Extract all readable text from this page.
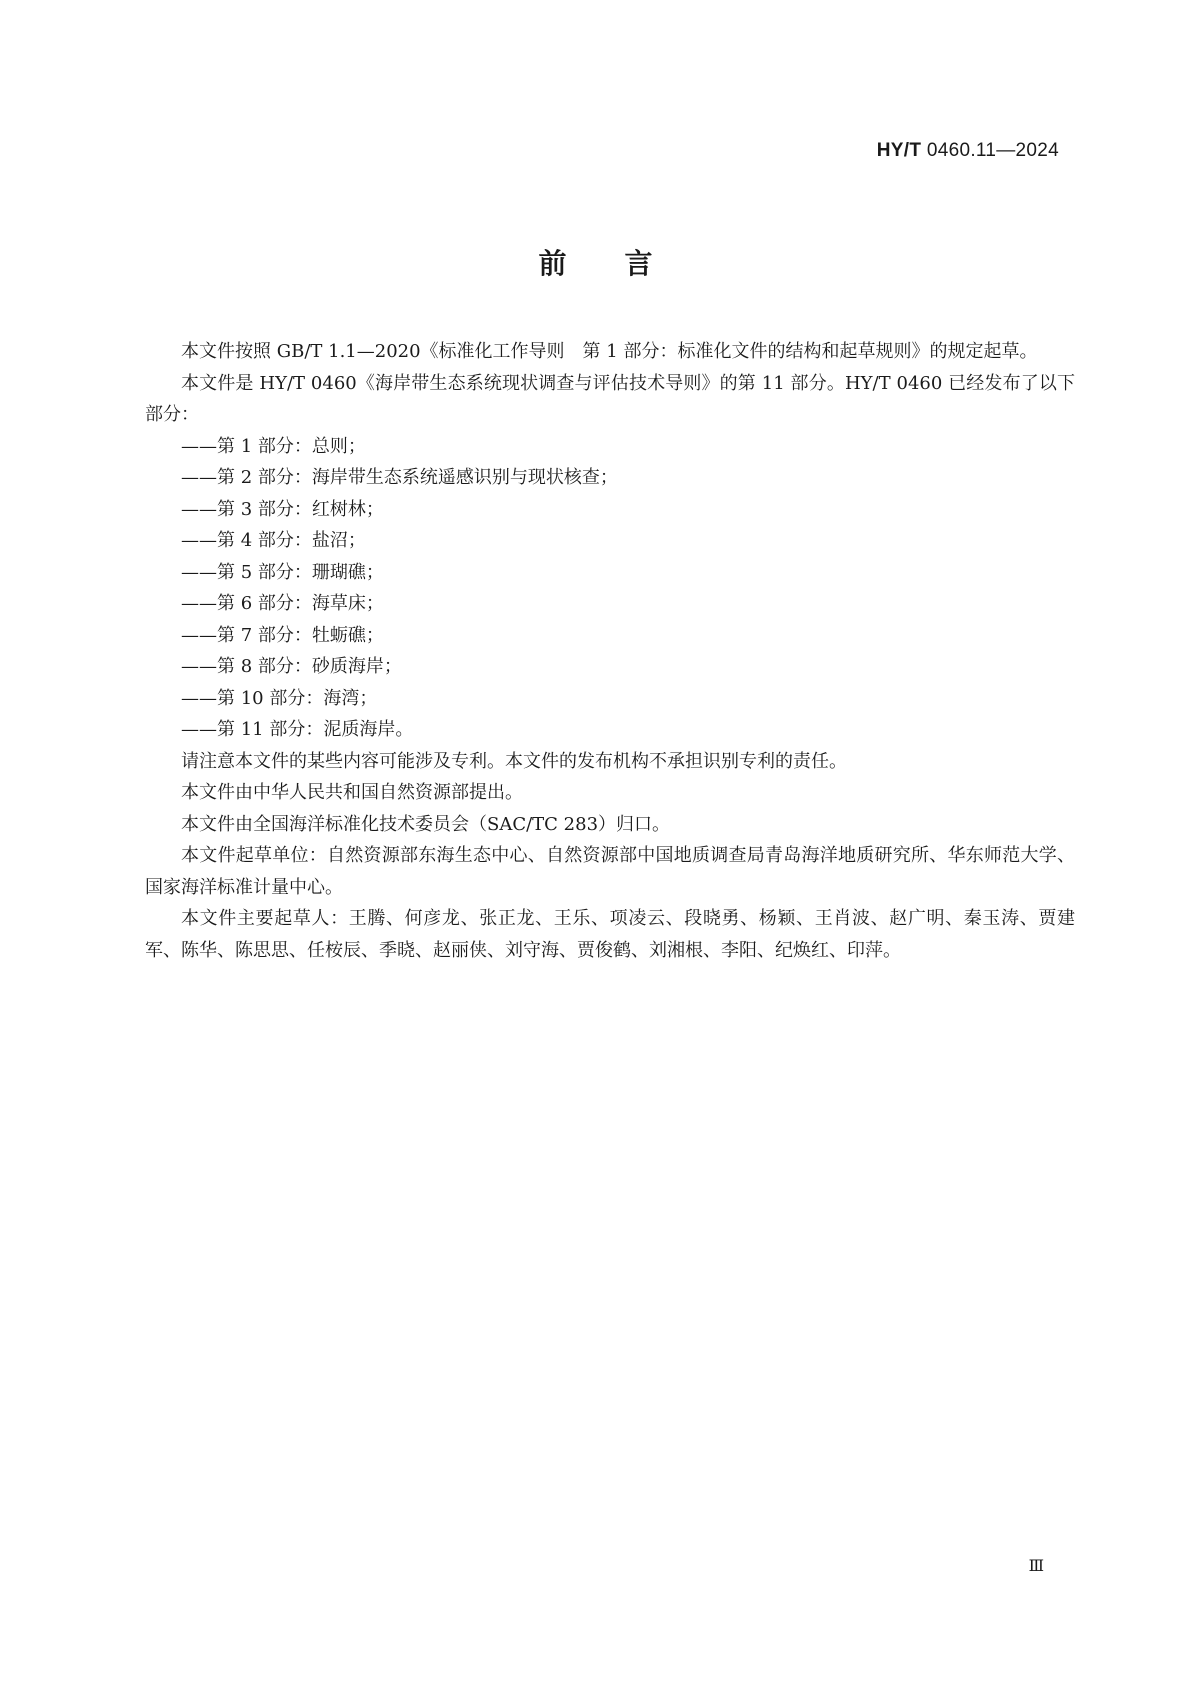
HY/T 0460.11—2024
前言

本文件按照 GB/T 1.1—2020《标准化工作导则　第 1 部分：标准化文件的结构和起草规则》的规定起草。

本文件是 HY/T 0460《海岸带生态系统现状调查与评估技术导则》的第 11 部分。HY/T 0460 已经发布了以下部分：

——第 1 部分：总则；

——第 2 部分：海岸带生态系统遥感识别与现状核查；

——第 3 部分：红树林；

——第 4 部分：盐沼；

——第 5 部分：珊瑚礁；

——第 6 部分：海草床；

——第 7 部分：牡蛎礁；

——第 8 部分：砂质海岸；

——第 10 部分：海湾；

——第 11 部分：泥质海岸。

请注意本文件的某些内容可能涉及专利。本文件的发布机构不承担识别专利的责任。

本文件由中华人民共和国自然资源部提出。

本文件由全国海洋标准化技术委员会（SAC/TC 283）归口。

本文件起草单位：自然资源部东海生态中心、自然资源部中国地质调查局青岛海洋地质研究所、华东师范大学、国家海洋标准计量中心。

本文件主要起草人：王腾、何彦龙、张正龙、王乐、项凌云、段晓勇、杨颖、王肖波、赵广明、秦玉涛、贾建军、陈华、陈思思、任桉辰、季晓、赵丽侠、刘守海、贾俊鹤、刘湘根、李阳、纪焕红、印萍。

Ⅲ
